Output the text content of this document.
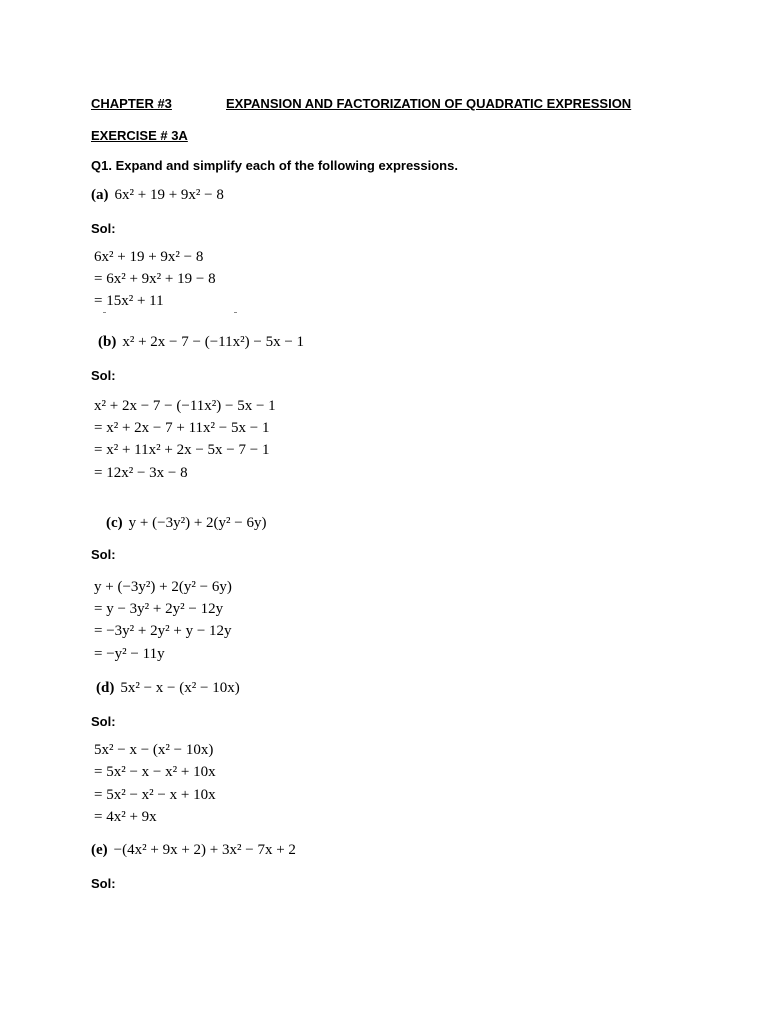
CHAPTER #3	EXPANSION AND FACTORIZATION OF QUADRATIC EXPRESSION
EXERCISE # 3A
Q1. Expand and simplify each of the following expressions.
(a) 6x² + 19 + 9x² − 8
Sol:
6x² + 19 + 9x² − 8
= 6x² + 9x² + 19 − 8
= 15x² + 11
(b) x² + 2x − 7 − (−11x²) − 5x − 1
Sol:
x² + 2x − 7 − (−11x²) − 5x − 1
= x² + 2x − 7 + 11x² − 5x − 1
= x² + 11x² + 2x − 5x − 7 − 1
= 12x² − 3x − 8
(c) y + (−3y²) + 2(y² − 6y)
Sol:
y + (−3y²) + 2(y² − 6y)
= y − 3y² + 2y² − 12y
= −3y² + 2y² + y − 12y
= −y² − 11y
(d) 5x² − x − (x² − 10x)
Sol:
5x² − x − (x² − 10x)
= 5x² − x − x² + 10x
= 5x² − x² − x + 10x
= 4x² + 9x
(e) −(4x² + 9x + 2) + 3x² − 7x + 2
Sol:
